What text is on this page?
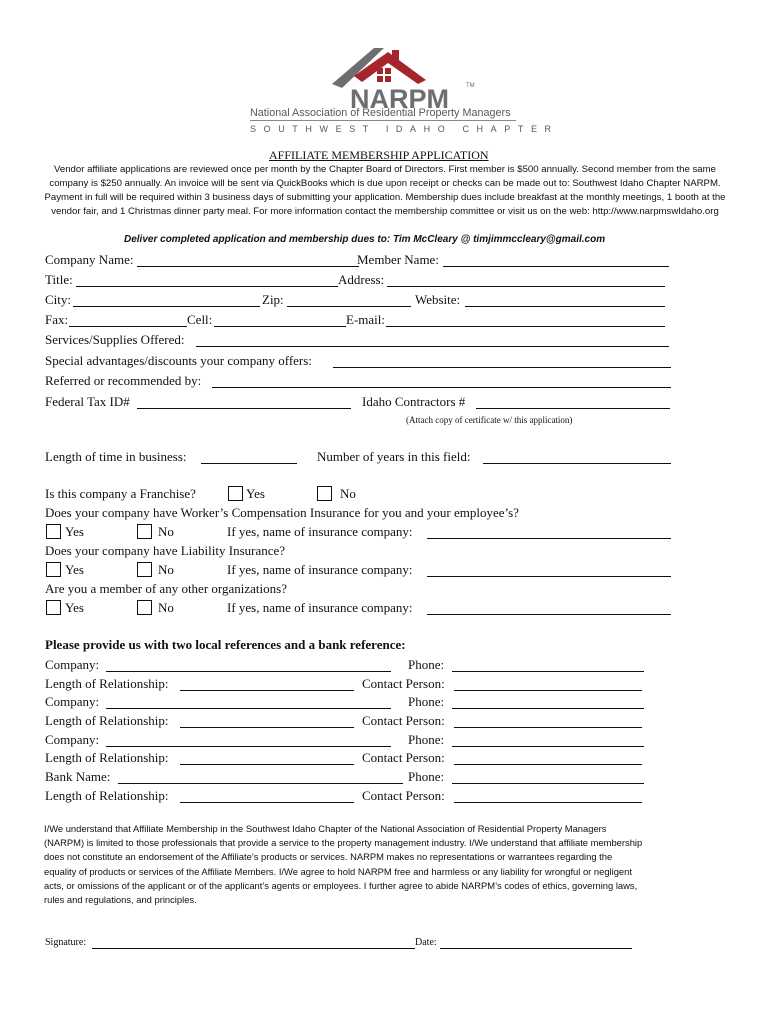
NARPM	TM
National Association of Residential Property Managers
SOUTHWEST IDAHO CHAPTER
AFFILIATE MEMBERSHIP APPLICATION
Vendor affiliate applications are reviewed once per month by the Chapter Board of Directors. First member is $500 annually. Second member from the same company is $250 annually. An invoice will be sent via QuickBooks which is due upon receipt or checks can be made out to: Southwest Idaho Chapter NARPM. Payment in full will be required within 3 business days of submitting your application. Membership dues include breakfast at the monthly meetings, 1 booth at the vendor fair, and 1 Christmas dinner party meal. For more information contact the membership committee or visit us on the web: http://www.narpmswIdaho.org
Deliver completed application and membership dues to: Tim McCleary @ timjimmccleary@gmail.com
Company Name:	Member Name:
Title:	Address:
City:	Zip:	Website:
Fax:	Cell:	E-mail:
Services/Supplies Offered:
Special advantages/discounts your company offers:
Referred or recommended by:
Federal Tax ID#	Idaho Contractors #
(Attach copy of certificate w/ this application)
Length of time in business:	Number of years in this field:
Is this company a Franchise?	Yes	No
Does your company have Worker’s Compensation Insurance for you and your employee’s?
Yes	No	If yes, name of insurance company:
Does your company have Liability Insurance?
Yes	No	If yes, name of insurance company:
Are you a member of any other organizations?
Yes	No	If yes, name of insurance company:
Please provide us with two local references and a bank reference:
Company:	Phone:
Length of Relationship:	Contact Person:
Company:	Phone:
Length of Relationship:	Contact Person:
Company:	Phone:
Length of Relationship:	Contact Person:
Bank Name:	Phone:
Length of Relationship:	Contact Person:
I/We understand that Affiliate Membership in the Southwest Idaho Chapter of the National Association of Residential Property Managers (NARPM) is limited to those professionals that provide a service to the property management industry. I/We understand that affiliate membership does not constitute an endorsement of the Affiliate’s products or services. NARPM makes no representations or warrantees regarding the equality of products or services of the Affiliate Members. I/We agree to hold NARPM free and harmless or any liability for wrongful or negligent acts, or omissions of the applicant or of the applicant’s agents or employees. I further agree to abide NARPM’s codes of ethics, governing laws, rules and regulations, and principles.
Signature:	Date:
